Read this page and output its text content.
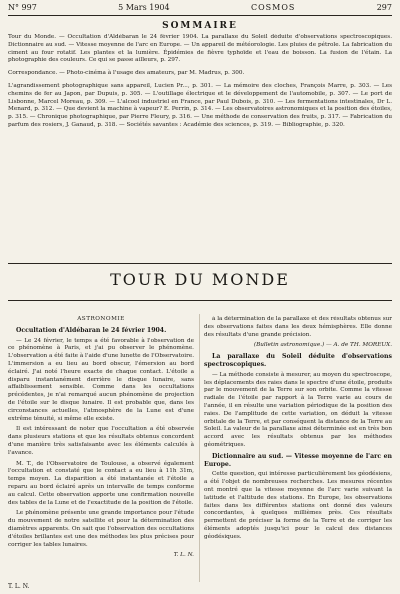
N° 997	5 Mars 1904	COSMOS	297
SOMMAIRE

Tour du Monde. — Occultation d'Aldébaran le 24 février 1904. La parallaxe du Soleil déduite d'observations spectroscopiques. Dictionnaire au sud. — Vitesse moyenne de l'arc en Europe. — Un appareil de météorologie. Les pluies de pétrole. La fabrication du ciment au four rotatif. Les plantes et la lumière. Épidémies de fièvre typhoïde et l'eau de boisson. La fusion de l'étain. La photographie des couleurs. Ce qui se passe ailleurs, p. 297.

Correspondance. — Photo-cinéma à l'usage des amateurs, par M. Madrus, p. 300.

L'agrandissement photographique sans appareil, Lucien Pr..., p. 301. — La mémoire des cloches, François Marre, p. 303. — Les chemins de fer au Japon, par Dupuis, p. 305. — L'outillage électrique et le développement de l'automobile, p. 307. — Le port de Lisbonne, Marcel Moreau, p. 309. — L'alcool industriel en France, par Paul Dubois, p. 310. — Les fermentations intestinales, Dr L. Menard, p. 312. — Que devient la machine à vapeur? E. Perrin, p. 314. — Les observatoires astronomiques et la position des étoiles, p. 315. — Chronique photographique, par Pierre Fleury, p. 316. — Une méthode de conservation des fruits, p. 317. — Fabrication du parfum des rosiers, J. Ganaud, p. 318. — Sociétés savantes : Académie des sciences, p. 319. — Bibliographie, p. 320.

TOUR DU MONDE

ASTRONOMIE

Occultation d'Aldébaran le 24 février 1904.

— Le 24 février, le temps a été favorable à l'observation de ce phénomène à Paris, et j'ai pu observer le phénomène. L'observation a été faite à l'aide d'une lunette de l'Observatoire. L'immersion a eu lieu au bord obscur, l'émersion au bord éclairé. J'ai noté l'heure exacte de chaque contact. L'étoile a disparu instantanément derrière le disque lunaire, sans affaiblissement sensible. Comme dans les occultations précédentes, je n'ai remarqué aucun phénomène de projection de l'étoile sur le disque lunaire. Il est probable que, dans les circonstances actuelles, l'atmosphère de la Lune est d'une extrême ténuité, si même elle existe.

Il est intéressant de noter que l'occultation a été observée dans plusieurs stations et que les résultats obtenus concordent d'une manière très satisfaisante avec les éléments calculés à l'avance.

M. T., de l'Observatoire de Toulouse, a observé également l'occultation et constaté que le contact a eu lieu à 11h 31m, temps moyen. La disparition a été instantanée et l'étoile a reparu au bord éclairé après un intervalle de temps conforme au calcul. Cette observation apporte une confirmation nouvelle des tables de la Lune et de l'exactitude de la position de l'étoile.

Le phénomène présente une grande importance pour l'étude du mouvement de notre satellite et pour la détermination des diamètres apparents. On sait que l'observation des occultations d'étoiles brillantes est une des méthodes les plus précises pour corriger les tables lunaires.

T. L. N.

à la détermination de la parallaxe et des résultats obtenus sur des observations faites dans les deux hémisphères. Elle donne des résultats d'une grande précision.

(Bulletin astronomique.) — A. de TH. MOREUX.

La parallaxe du Soleil déduite d'observations spectroscopiques.

— La méthode consiste à mesurer, au moyen du spectroscope, les déplacements des raies dans le spectre d'une étoile, produits par le mouvement de la Terre sur son orbite. Comme la vitesse radiale de l'étoile par rapport à la Terre varie au cours de l'année, il en résulte une variation périodique de la position des raies. De l'amplitude de cette variation, on déduit la vitesse orbitale de la Terre, et par conséquent la distance de la Terre au Soleil. La valeur de la parallaxe ainsi déterminée est en très bon accord avec les résultats obtenus par les méthodes géométriques.

Dictionnaire au sud. — Vitesse moyenne de l'arc en Europe.

Cette question, qui intéresse particulièrement les géodésiens, a été l'objet de nombreuses recherches. Les mesures récentes ont montré que la vitesse moyenne de l'arc varie suivant la latitude et l'altitude des stations. En Europe, les observations faites dans les différentes stations ont donné des valeurs concordantes, à quelques millièmes près. Ces résultats permettent de préciser la forme de la Terre et de corriger les éléments adoptés jusqu'ici pour le calcul des distances géodésiques.

T. L. N.
